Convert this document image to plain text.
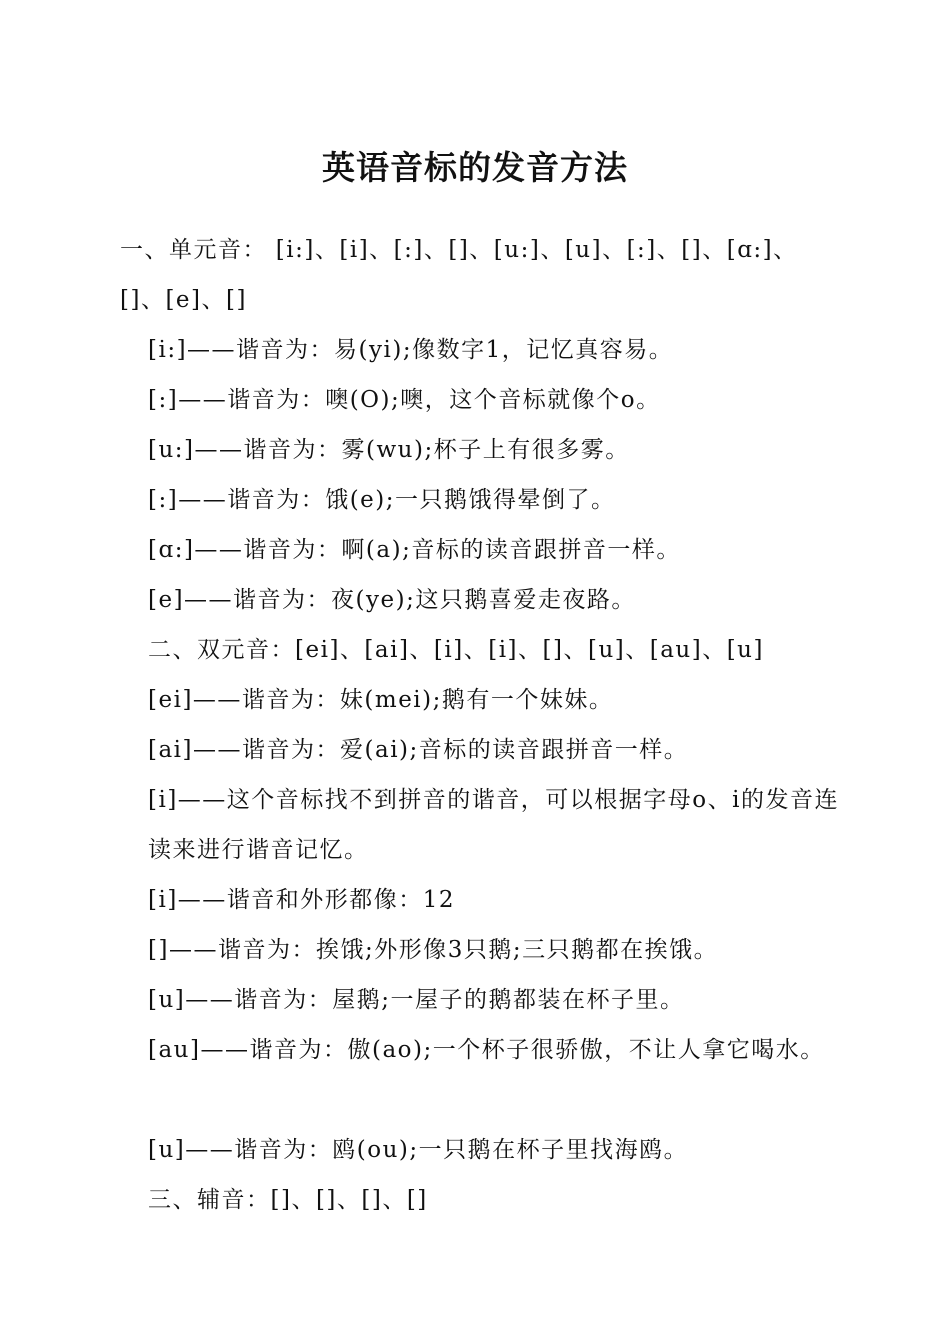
英语音标的发音方法

一、单元音： [i:]、[i]、[:]、[]、[u:]、[u]、[:]、[]、[ɑ:]、[]、[e]、[]

[i:]——谐音为：易(yi);像数字1，记忆真容易。

[:]——谐音为：噢(O);噢，这个音标就像个o。

[u:]——谐音为：雾(wu);杯子上有很多雾。

[:]——谐音为：饿(e);一只鹅饿得晕倒了。

[ɑ:]——谐音为：啊(a);音标的读音跟拼音一样。

[e]——谐音为：夜(ye);这只鹅喜爱走夜路。

二、双元音：[ei]、[ai]、[i]、[i]、[]、[u]、[au]、[u]

[ei]——谐音为：妹(mei);鹅有一个妹妹。

[ai]——谐音为：爱(ai);音标的读音跟拼音一样。

[i]——这个音标找不到拼音的谐音，可以根据字母o、i的发音连读来进行谐音记忆。

[i]——谐音和外形都像：12

[]——谐音为：挨饿;外形像3只鹅;三只鹅都在挨饿。

[u]——谐音为：屋鹅;一屋子的鹅都装在杯子里。

[au]——谐音为：傲(ao);一个杯子很骄傲，不让人拿它喝水。

[u]——谐音为：鸥(ou);一只鹅在杯子里找海鸥。

三、辅音：[]、[]、[]、[]
